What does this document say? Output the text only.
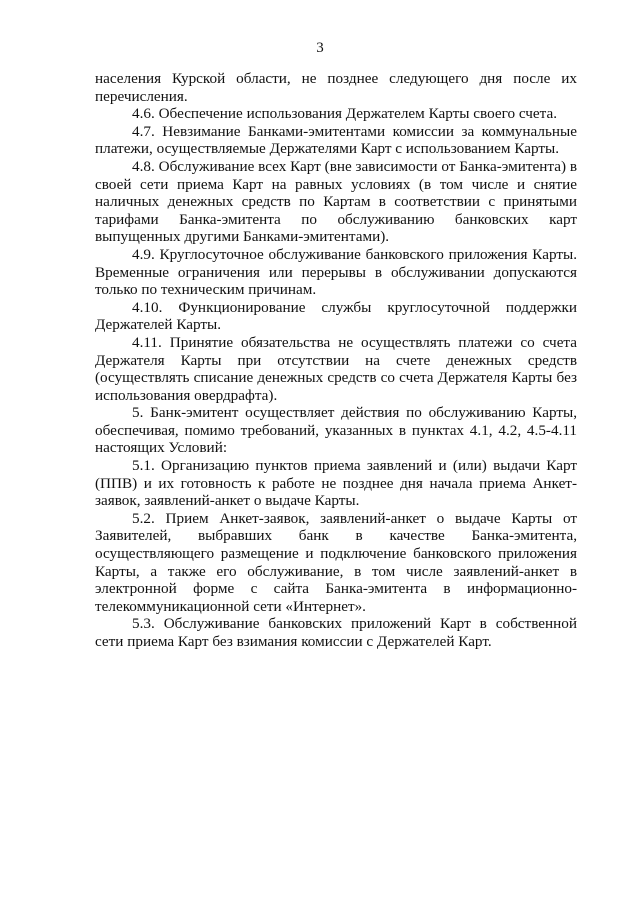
3

населения Курской области, не позднее следующего дня после их перечисления.

4.6. Обеспечение использования Держателем Карты своего счета.

4.7. Невзимание Банками-эмитентами комиссии за коммунальные платежи, осуществляемые Держателями Карт с использованием Карты.

4.8. Обслуживание всех Карт (вне зависимости от Банка-эмитента) в своей сети приема Карт на равных условиях (в том числе и снятие наличных денежных средств по Картам в соответствии с принятыми тарифами Банка-эмитента по обслуживанию банковских карт выпущенных другими Банками-эмитентами).

4.9. Круглосуточное обслуживание банковского приложения Карты. Временные ограничения или перерывы в обслуживании допускаются только по техническим причинам.

4.10. Функционирование службы круглосуточной поддержки Держателей Карты.

4.11. Принятие обязательства не осуществлять платежи со счета Держателя Карты при отсутствии на счете денежных средств (осуществлять списание денежных средств со счета Держателя Карты без использования овердрафта).

5. Банк-эмитент осуществляет действия по обслуживанию Карты, обеспечивая, помимо требований, указанных в пунктах 4.1, 4.2, 4.5-4.11 настоящих Условий:

5.1. Организацию пунктов приема заявлений и (или) выдачи Карт (ППВ) и их готовность к работе не позднее дня начала приема Анкет-заявок, заявлений-анкет о выдаче Карты.

5.2. Прием Анкет-заявок, заявлений-анкет о выдаче Карты от Заявителей, выбравших банк в качестве Банка-эмитента, осуществляющего размещение и подключение банковского приложения Карты, а также его обслуживание, в том числе заявлений-анкет в электронной форме с сайта Банка-эмитента в информационно-телекоммуникационной сети «Интернет».

5.3. Обслуживание банковских приложений Карт в собственной сети приема Карт без взимания комиссии с Держателей Карт.
